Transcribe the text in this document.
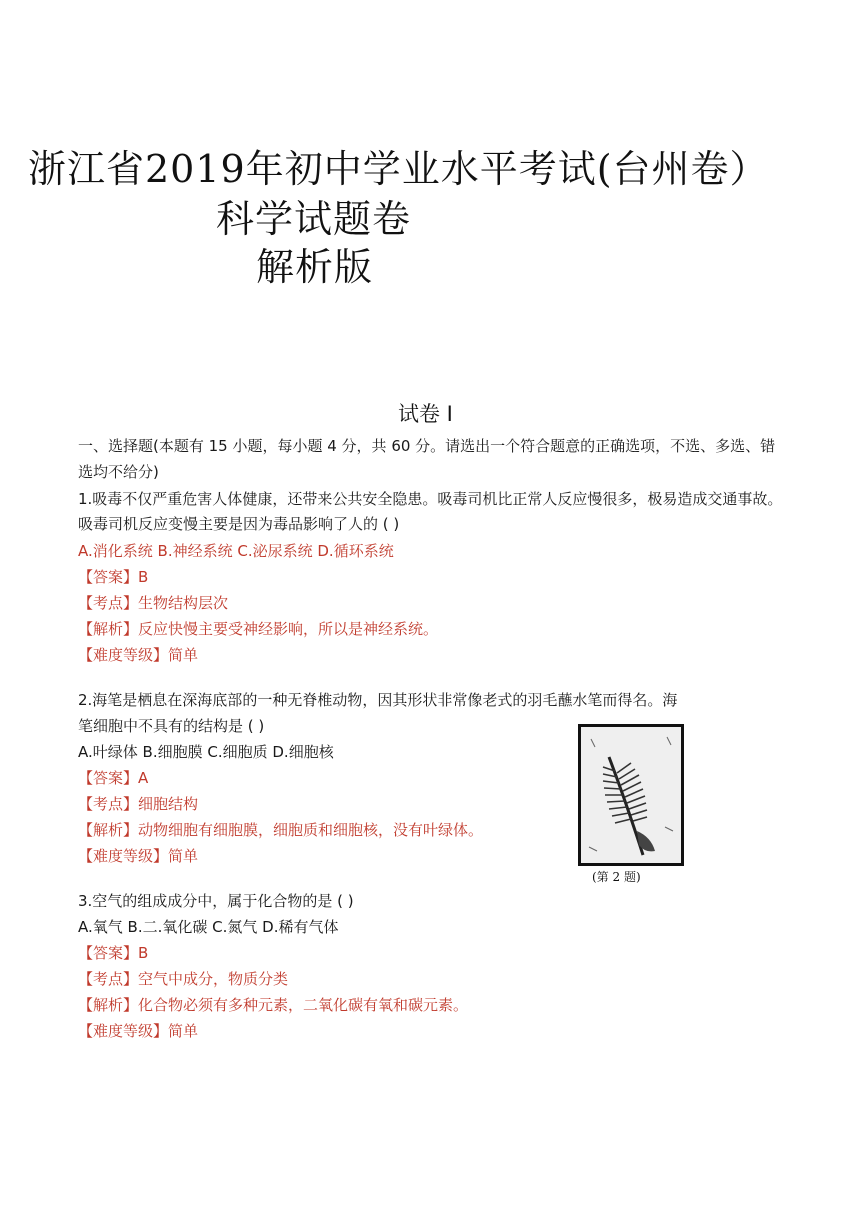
浙江省2019年初中学业水平考试(台州卷）
科学试题卷
解析版
试卷 I
一、选择题(本题有 15 小题，每小题 4 分，共 60 分。请选出一个符合题意的正确选项，不选、多选、错
选均不给分)
1.吸毒不仅严重危害人体健康，还带来公共安全隐患。吸毒司机比正常人反应慢很多，极易造成交通事故。
吸毒司机反应变慢主要是因为毒品影响了人的 ( )
A.消化系统 B.神经系统 C.泌尿系统 D.循环系统
【答案】B
【考点】生物结构层次
【解析】反应快慢主要受神经影响，所以是神经系统。
【难度等级】简单
2.海笔是栖息在深海底部的一种无脊椎动物，因其形状非常像老式的羽毛蘸水笔而得名。海
笔细胞中不具有的结构是 ( )
A.叶绿体 B.细胞膜 C.细胞质 D.细胞核
【答案】A
【考点】细胞结构
【解析】动物细胞有细胞膜，细胞质和细胞核，没有叶绿体。
【难度等级】简单
(第 2 题)
3.空气的组成成分中，属于化合物的是 ( )
A.氧气 B.二.氧化碳 C.氮气 D.稀有气体
【答案】B
【考点】空气中成分，物质分类
【解析】化合物必须有多种元素，二氧化碳有氧和碳元素。
【难度等级】简单
